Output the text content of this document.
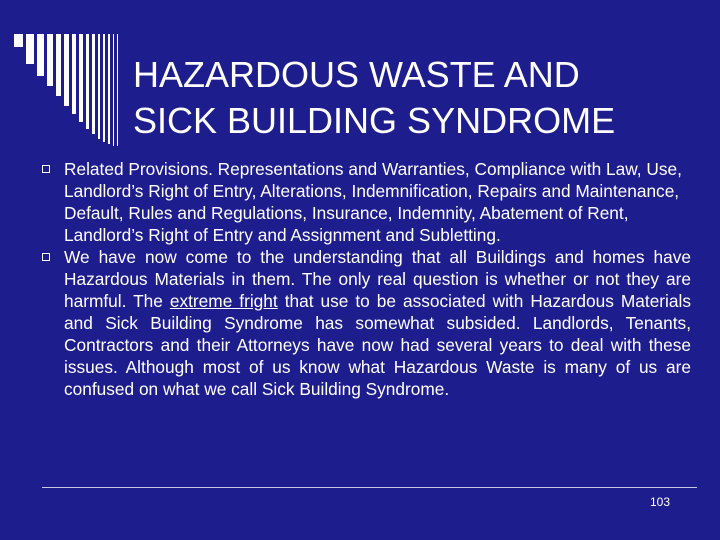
HAZARDOUS WASTE AND
SICK BUILDING SYNDROME

Related Provisions. Representations and Warranties, Compliance with Law, Use, Landlord’s Right of Entry, Alterations, Indemnification, Repairs and Maintenance, Default, Rules and Regulations, Insurance, Indemnity, Abatement of Rent, Landlord’s Right of Entry and Assignment and Subletting.

We have now come to the understanding that all Buildings and homes have Hazardous Materials in them. The only real question is whether or not they are harmful. The extreme fright that use to be associated with Hazardous Materials and Sick Building Syndrome has somewhat subsided. Landlords, Tenants, Contractors and their Attorneys have now had several years to deal with these issues. Although most of us know what Hazardous Waste is many of us are confused on what we call Sick Building Syndrome.

103
